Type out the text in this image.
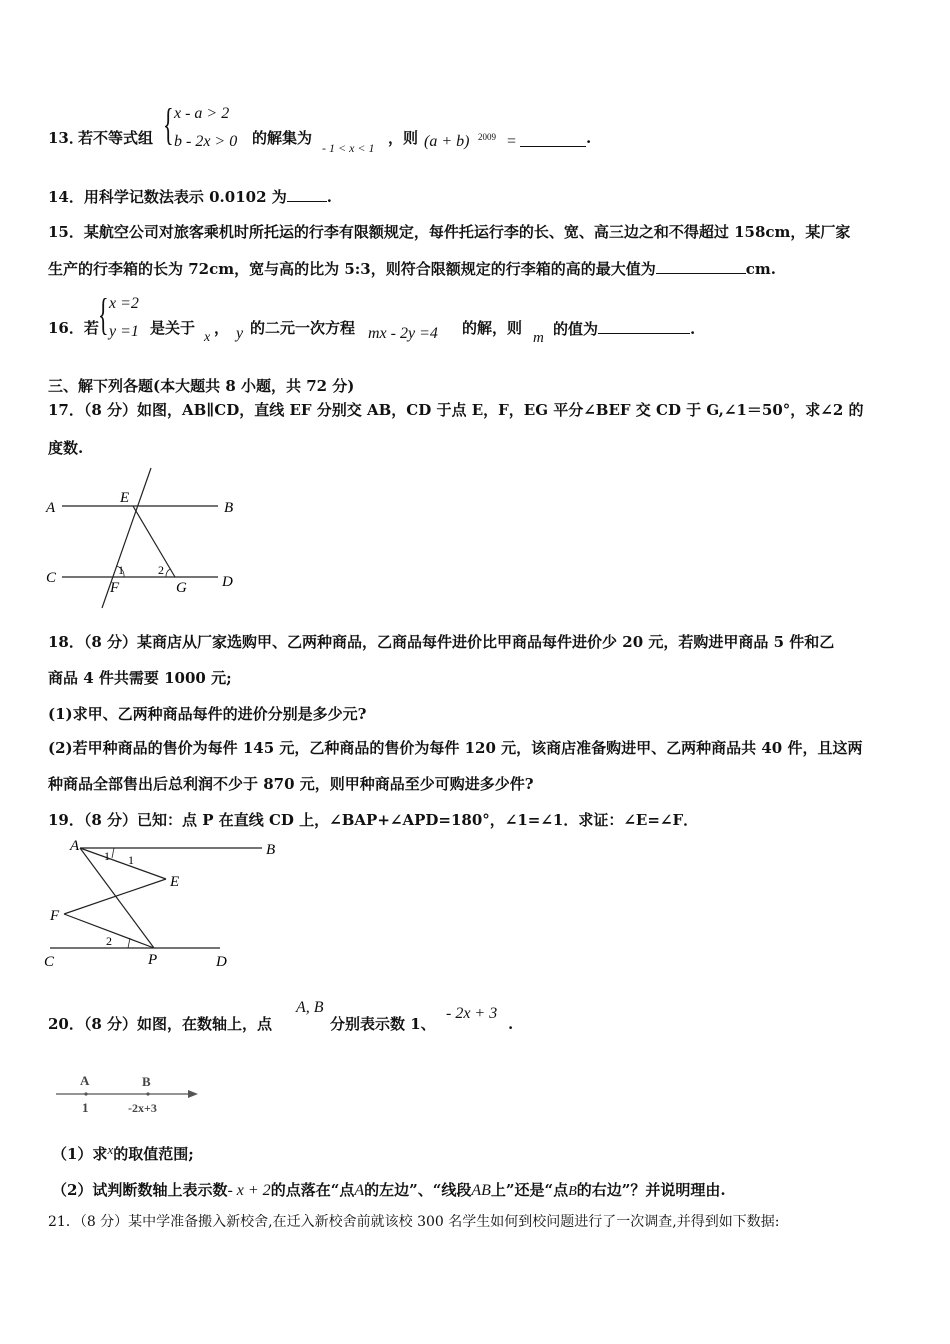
13．
若不等式组 { x - a > 2
b - 2x > 0 的解集为
- 1 < x < 1
，则 (a + b) 2009 =	.
14．用科学记数法表示 0.0102 为	.
15．某航空公司对旅客乘机时所托运的行李有限额规定，每件托运行李的长、宽、高三边之和不得超过 158cm，某厂家
生产的行李箱的长为 72cm，宽与高的比为 5:3，则符合限额规定的行李箱的高的最大值为	cm.
16．若 { x =2
y =1 是关于
x
， y 的二元一次方程 mx - 2y =4 的解，则
m 的值为	.
三、解下列各题(本大题共 8 小题，共 72 分)
17．（8 分）如图，AB∥CD，直线 EF 分别交 AB，CD 于点 E，F，EG 平分∠BEF 交 CD 于 G,∠1＝50°，求∠2 的
度数.
A	B
C	D
E
F	G
1	2
18．（8 分）某商店从厂家选购甲、乙两种商品，乙商品每件进价比甲商品每件进价少 20 元，若购进甲商品 5 件和乙
商品 4 件共需要 1000 元;
(1)求甲、乙两种商品每件的进价分别是多少元?
(2)若甲种商品的售价为每件 145 元，乙种商品的售价为每件 120 元，该商店准备购进甲、乙两种商品共 40 件，且这两
种商品全部售出后总利润不少于 870 元，则甲种商品至少可购进多少件?
19．（8 分）已知：点 P 在直线 CD 上，∠BAP+∠APD=180°，∠1=∠1．求证：∠E=∠F．
A	B
C	D
E
F
P
1 1
2
20．（8 分）如图，在数轴上，点
A, B
分别表示数 1、
- 2x + 3
.
A	B
1	-2x+3
（1）求x的取值范围;
（2）试判断数轴上表示数- x + 2的点落在“点A的左边”、“线段AB上”还是“点B的右边”？并说明理由.
21．（8 分）某中学准备搬入新校舍,在迁入新校舍前就该校 300 名学生如何到校问题进行了一次调查,并得到如下数据:
